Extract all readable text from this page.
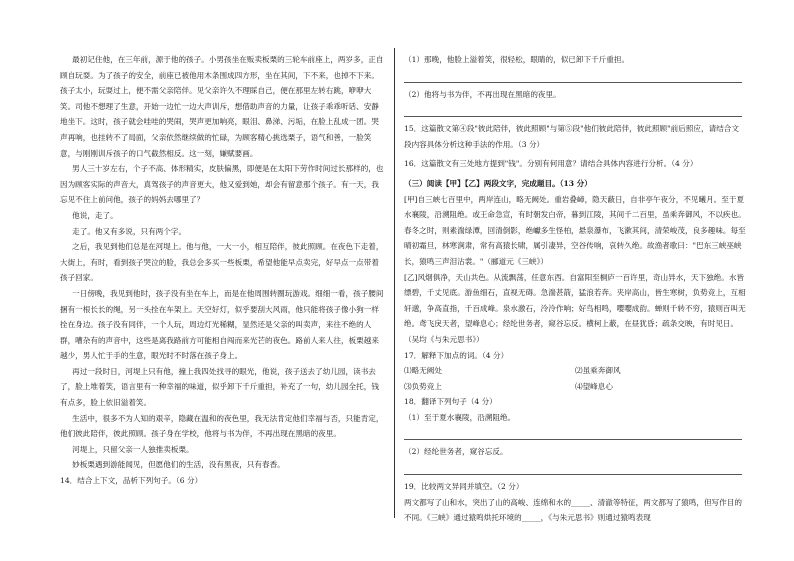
最初记住他，在三年前，源于他的孩子。小男孩坐在贩卖板栗的三轮车前座上，两岁多，正自顾自玩耍。为了孩子的安全，前座已被他用木条围成四方形，坐在其间，下不来，也掉不下来。孩子太小，玩耍过上，便不需父亲陪伴。见父亲许久不理睬自己，便在那里左转右跳，咿咿大笑。司他不想理了生意，开始一边忙一边大声训斥，想借助声音的力量，让孩子乖乖听话、安静地坐下。这时，孩子就会哇哇的哭闹，哭声更加响亮，眼泪、鼻涕、污垢，在脸上乱成一团。哭声再响，也挂转不了局面，父亲依然继续做的忙碌，为顾客精心挑选栗子，语气和善，一脸笑意，与刚刚训斥孩子的口气截然相反。这一刻，嫌赋要画。

男人三十岁左右，个子不高、体形精实，皮肤偏黑，即便是在太阳下劳作时间过长那样的，也因为顾客实际的声音大，真驾孩子的声音更大，他又爱到她，却会有留意那个孩子。有一天，我忘见不住上前问他，孩子的妈妈去哪里了？

他说，走了。

走了。他又有多说，只有两个字。

之后，我见到他们总是在河堤上。他与他，一大一小，相互陪伴，彼此照顾。在夜色下走着，大街上，有时，看到孩子哭泣的脸，我总会多买一些板栗，希望他能早点卖完，好早点一点带着孩子回家。

一日傍晚，我见到他时，孩子没有坐在车上，而是在他周围转圈玩游戏。细细一看，孩子腰间捆有一根长长的绳，另一头拴在车架上。天空好灯，似乎要刮大风雨，他只能将孩子像小狗一样拴在身边。孩子没有同伴，一个人玩，周边灯光稀糊，显然还是父亲的叫卖声，来往不绝的人群，嘈杂有的声音中，这些是离我路前方可能相自闯而来光芒的夜色。路前人来人往，板栗越来越少，男人忙于手的生意，眼光时不时落在孩子身上。

再过一段时日，河堤上只有他，撞上我四处找寻的眼光，他说，孩子送去了幼儿园，读书去了，脸上堆着笑，语言里有一种幸福的味道，似乎卸下千斤重担，补充了一句，幼儿园全托，钱有点多，脸上依旧溢着笑。

生活中，很多不为人知的艰辛，隐藏在温和的夜色里，我无法肯定他们幸福与否，只能肯定，他们彼此陪伴，彼此照顾。孩子身在学校，他将与书为伴，不再出现在黑暗的夜里。

河堤上，只留父亲一人独推卖板栗。

妙板栗遇到游能闻见，但愿他们的生活，没有黑夜，只有春香。

14．结合上下文，品析下列句子。（6 分）

（1）那晚，他脸上溢着笑，很轻松，眼睛的，似已卸下千斤重担。

（2）他将与书为伴，不再出现在黑暗的夜里。

15．这篇散文第④段"彼此陪伴，彼此照顾"与第⑤段"他们彼此陪伴，彼此照顾"前后照应，请结合文段内容具体分析这种手法的作用。（3 分）

16．这篇散文有三处地方提到"钱"。分别有何用意？请结合具体内容进行分析。（4 分）

（三）阅读【甲】【乙】两段文字，完成题目。（13 分）

[甲]自三峡七百里中，两岸连山，略无阙处。重岩叠嶂，隐天蔽日，自非亭午夜分，不见曦月。至于夏水襄陵，沿溯阻绝。或王命急宣，有时朝发白帝，暮到江陵，其间千二百里，虽乘奔御风，不以疾也。春冬之时，则素湍绿潭，回清倒影，绝巘多生怪柏，悬泉瀑布，飞漱其间，清荣峻茂，良多趣味。每至晴初霜旦，林寒涧肃，常有高猿长啸，属引凄异，空谷传响，哀转久绝。故渔者歌曰："巴东三峡巫峡长，猿鸣三声泪沾裳。"（郦道元《三峡》）

[乙]风烟俱净，天山共色。从流飘荡，任意东西。自富阳至桐庐一百许里，奇山异水，天下独绝。水皆缥碧，千丈见底。游鱼细石，直视无碍。急湍甚箭，猛浪若奔。夹岸高山，皆生寒树，负势竞上，互相轩邈，争高直指，千百成峰。泉水激石，泠泠作响；好鸟相鸣，嘤嘤成韵。蝉则千转不穷，猿则百叫无绝。鸢飞戾天者，望峰息心；经纶世务者，窥谷忘反。横柯上蔽，在昼犹昏；疏条交映，有时见日。（吴均《与朱元思书》）

17．解释下加点的词。（4 分）

⑴略无阙处	⑵虽乘奔御风
⑶负势竞上	⑷望峰息心

18．翻译下列句子（4 分）

（1）至于夏水襄陵，沿溯阻绝。

（2）经纶世务者，窥谷忘反。

19．比较两文异同并填空。（2 分）

两文都写了山和水，突出了山的高峻、连绵和水的_____、清澈等特征，两文都写了猿鸣，但写作目的不同。《三峡》通过猿鸣烘托环境的_____，《与朱元思书》则通过猿鸣表现
